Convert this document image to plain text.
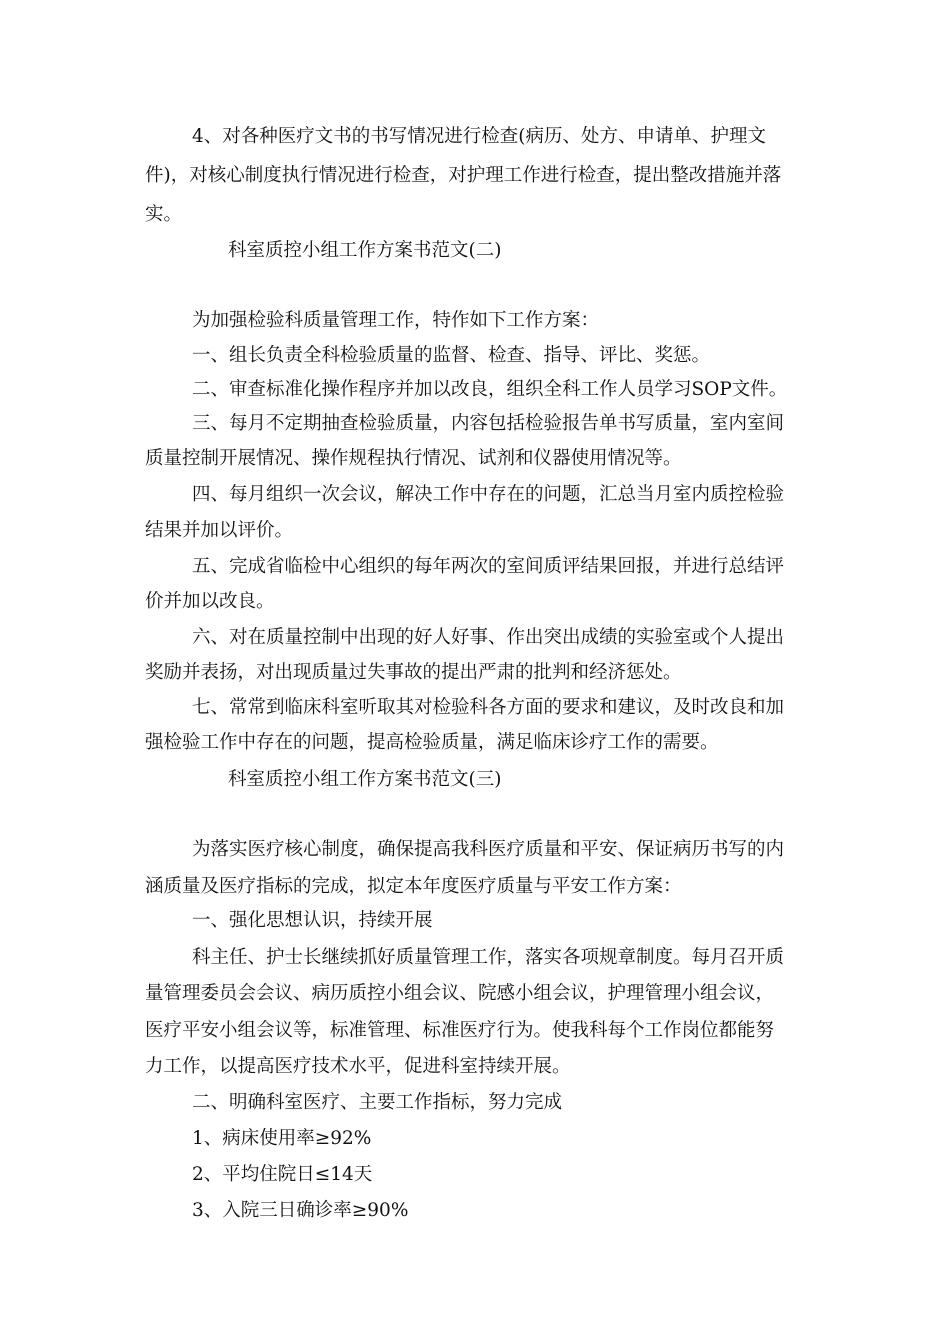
4、对各种医疗文书的书写情况进行检查(病历、处方、申请单、护理文
件)，对核心制度执行情况进行检查，对护理工作进行检查，提出整改措施并落
实。
科室质控小组工作方案书范文(二)
为加强检验科质量管理工作，特作如下工作方案：
一、组长负责全科检验质量的监督、检查、指导、评比、奖惩。
二、审查标准化操作程序并加以改良，组织全科工作人员学习SOP文件。
三、每月不定期抽查检验质量，内容包括检验报告单书写质量，室内室间
质量控制开展情况、操作规程执行情况、试剂和仪器使用情况等。
四、每月组织一次会议，解决工作中存在的问题，汇总当月室内质控检验
结果并加以评价。
五、完成省临检中心组织的每年两次的室间质评结果回报，并进行总结评
价并加以改良。
六、对在质量控制中出现的好人好事、作出突出成绩的实验室或个人提出
奖励并表扬，对出现质量过失事故的提出严肃的批判和经济惩处。
七、常常到临床科室听取其对检验科各方面的要求和建议，及时改良和加
强检验工作中存在的问题，提高检验质量，满足临床诊疗工作的需要。
科室质控小组工作方案书范文(三)
为落实医疗核心制度，确保提高我科医疗质量和平安、保证病历书写的内
涵质量及医疗指标的完成，拟定本年度医疗质量与平安工作方案：
一、强化思想认识，持续开展
科主任、护士长继续抓好质量管理工作，落实各项规章制度。每月召开质
量管理委员会会议、病历质控小组会议、院感小组会议，护理管理小组会议，
医疗平安小组会议等，标准管理、标准医疗行为。使我科每个工作岗位都能努
力工作，以提高医疗技术水平，促进科室持续开展。
二、明确科室医疗、主要工作指标，努力完成
1、病床使用率≥92%
2、平均住院日≤14天
3、入院三日确诊率≥90%
